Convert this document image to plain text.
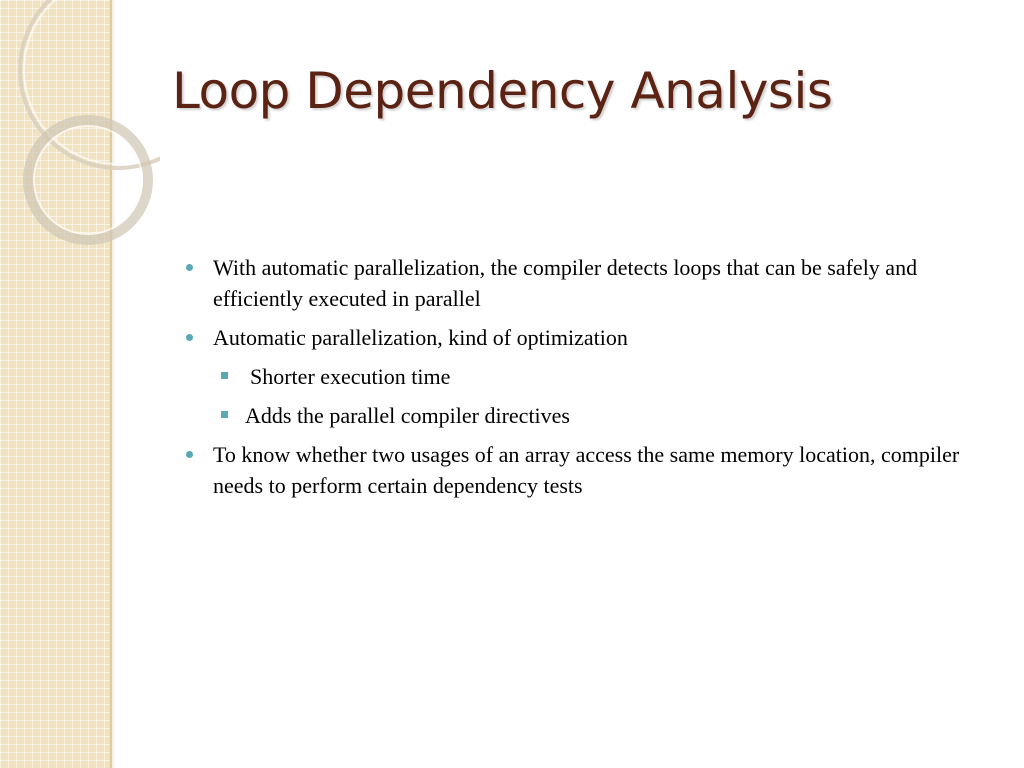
Loop Dependency Analysis
With automatic parallelization, the compiler detects loops that can be safely and efficiently executed in parallel
Automatic parallelization, kind of optimization
Shorter execution time
Adds the parallel compiler directives
To know whether two usages of an array access the same memory location, compiler needs to perform certain dependency tests
